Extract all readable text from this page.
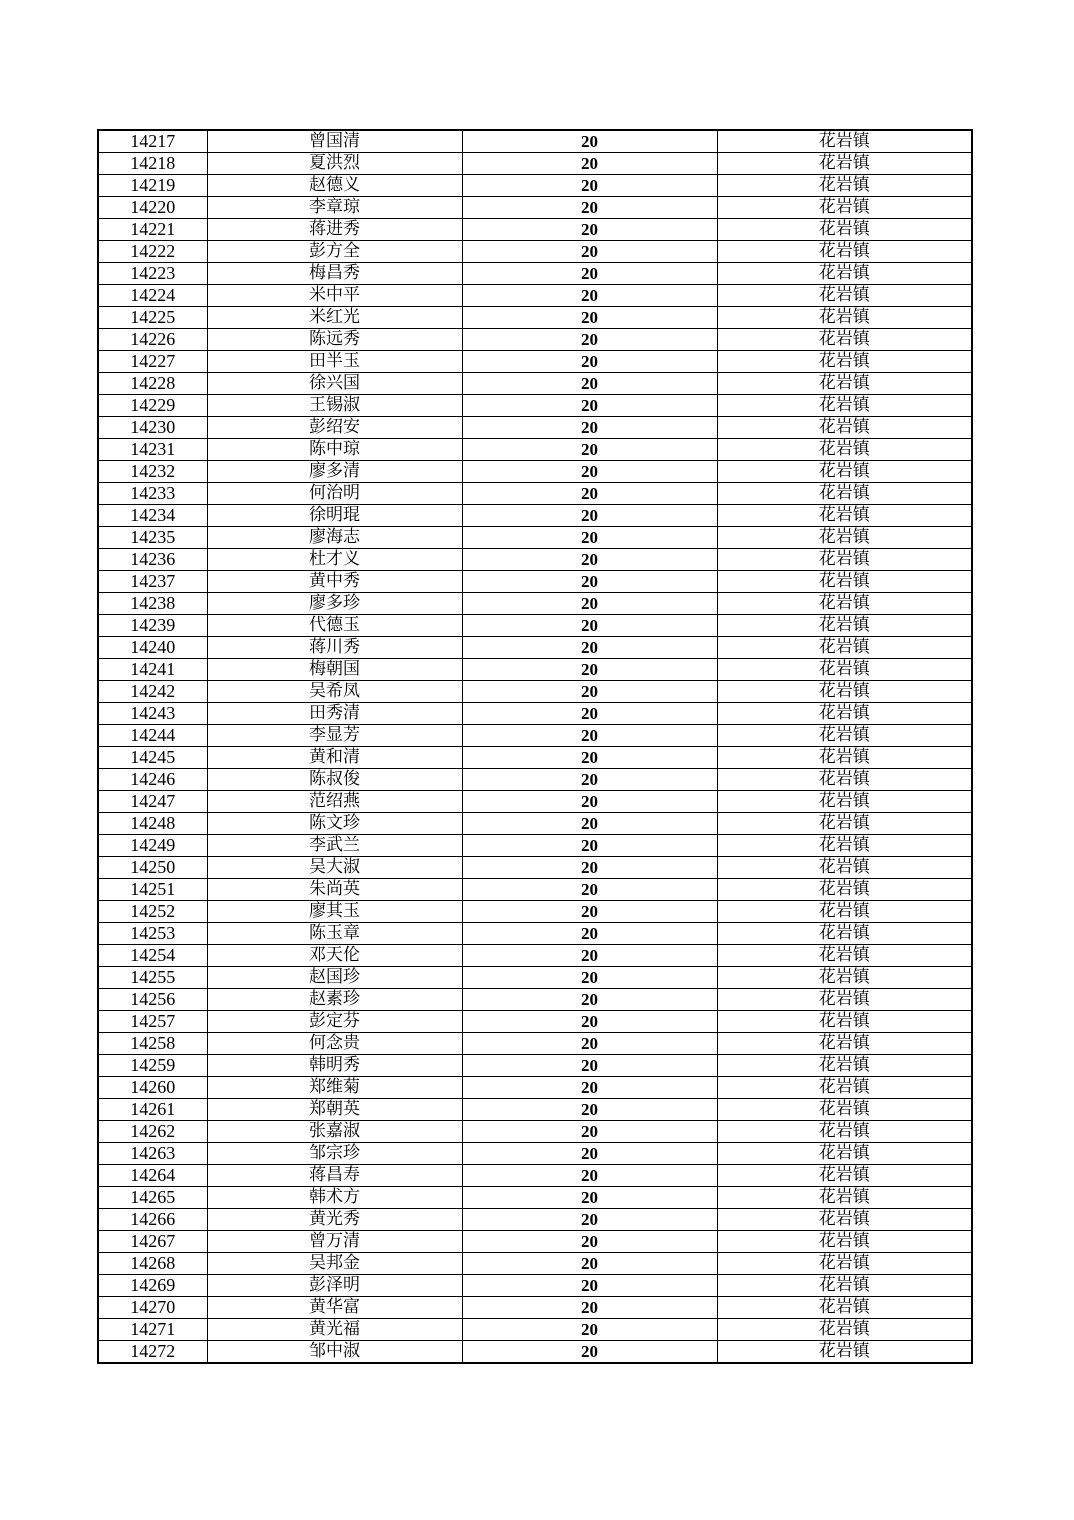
14217	曾国清	20	花岩镇
14218	夏洪烈	20	花岩镇
14219	赵德义	20	花岩镇
14220	李章琼	20	花岩镇
14221	蒋进秀	20	花岩镇
14222	彭方全	20	花岩镇
14223	梅昌秀	20	花岩镇
14224	米中平	20	花岩镇
14225	米红光	20	花岩镇
14226	陈远秀	20	花岩镇
14227	田半玉	20	花岩镇
14228	徐兴国	20	花岩镇
14229	王锡淑	20	花岩镇
14230	彭绍安	20	花岩镇
14231	陈中琼	20	花岩镇
14232	廖多清	20	花岩镇
14233	何治明	20	花岩镇
14234	徐明琨	20	花岩镇
14235	廖海志	20	花岩镇
14236	杜才义	20	花岩镇
14237	黄中秀	20	花岩镇
14238	廖多珍	20	花岩镇
14239	代德玉	20	花岩镇
14240	蒋川秀	20	花岩镇
14241	梅朝国	20	花岩镇
14242	吴希凤	20	花岩镇
14243	田秀清	20	花岩镇
14244	李显芳	20	花岩镇
14245	黄和清	20	花岩镇
14246	陈叔俊	20	花岩镇
14247	范绍燕	20	花岩镇
14248	陈文珍	20	花岩镇
14249	李武兰	20	花岩镇
14250	吴大淑	20	花岩镇
14251	朱尚英	20	花岩镇
14252	廖其玉	20	花岩镇
14253	陈玉章	20	花岩镇
14254	邓天伦	20	花岩镇
14255	赵国珍	20	花岩镇
14256	赵素珍	20	花岩镇
14257	彭定芬	20	花岩镇
14258	何念贵	20	花岩镇
14259	韩明秀	20	花岩镇
14260	郑维菊	20	花岩镇
14261	郑朝英	20	花岩镇
14262	张嘉淑	20	花岩镇
14263	邹宗珍	20	花岩镇
14264	蒋昌寿	20	花岩镇
14265	韩术方	20	花岩镇
14266	黄光秀	20	花岩镇
14267	曾万清	20	花岩镇
14268	吴邦金	20	花岩镇
14269	彭泽明	20	花岩镇
14270	黄华富	20	花岩镇
14271	黄光福	20	花岩镇
14272	邹中淑	20	花岩镇
